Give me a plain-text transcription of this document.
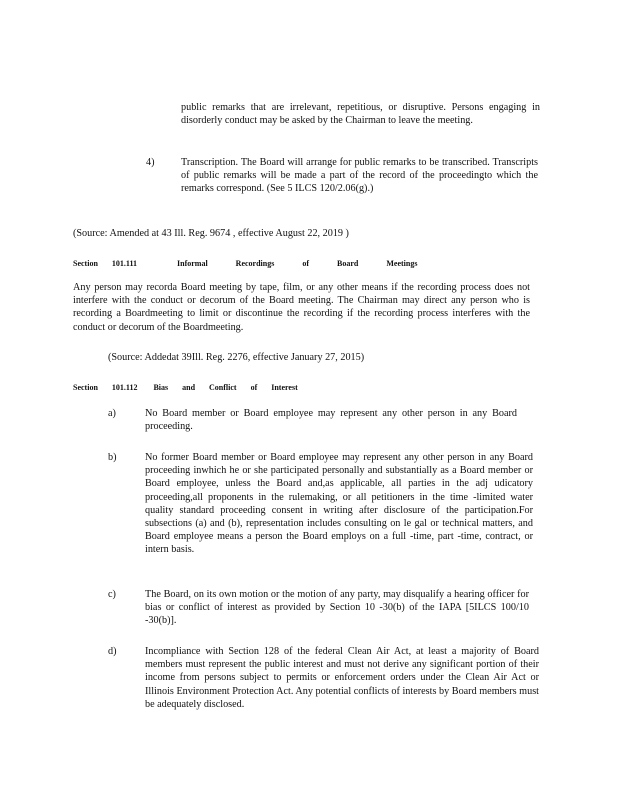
public remarks that are irrelevant, repetitious, or disruptive. Persons engaging in disorderly conduct may be asked by the Chairman to leave the meeting.
4)	Transcription. The Board will arrange for public remarks to be transcribed. Transcripts of public remarks will be made a part of the record of the proceedingto which the remarks correspond. (See 5 ILCS 120/2.06(g).)
(Source: Amended at 43 Ill. Reg. 9674 , effective August 22, 2019 )
Section 101.111	Informal Recordings of Board Meetings
Any person may recorda Board meeting by tape, film, or any other means if the recording process does not interfere with the conduct or decorum of the Board meeting. The Chairman may direct any person who is recording a Boardmeeting to limit or discontinue the recording if the recording process interferes with the conduct or decorum of the Boardmeeting.
(Source: Addedat 39Ill. Reg. 2276, effective January 27, 2015)
Section 101.112 Bias and Conflict of Interest
a)	No Board member or Board employee may represent any other person in any Board proceeding.
b)	No former Board member or Board employee may represent any other person in any Board proceeding inwhich he or she participated personally and substantially as a Board member or Board employee, unless the Board and,as applicable, all parties in the adj udicatory proceeding,all proponents in the rulemaking, or all petitioners in the time -limited water quality standard proceeding consent in writing after disclosure of the participation.For subsections (a) and (b), representation includes consulting on le gal or technical matters, and Board employee means a person the Board employs on a full -time, part -time, contract, or intern basis.
c)	The Board, on its own motion or the motion of any party, may disqualify a hearing officer for bias or conflict of interest as provided by Section 10 -30(b) of the IAPA [5ILCS 100/10 -30(b)].
d)	Incompliance with Section 128 of the federal Clean Air Act, at least a majority of Board members must represent the public interest and must not derive any significant portion of their income from persons subject to permits or enforcement orders under the Clean Air Act or Illinois Environment Protection Act. Any potential conflicts of interests by Board members must be adequately disclosed.
